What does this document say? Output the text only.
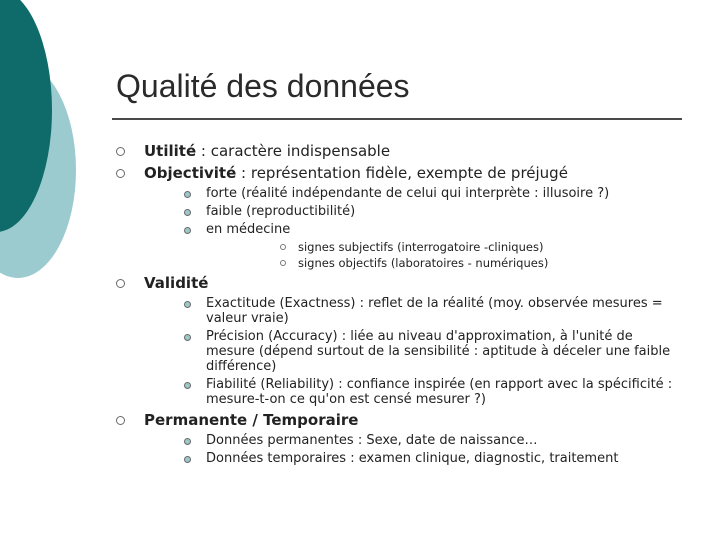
Qualité des données
Utilité : caractère indispensable
Objectivité : représentation fidèle, exempte de préjugé
forte (réalité indépendante de celui qui interprète : illusoire ?)
faible (reproductibilité)
en médecine
signes subjectifs (interrogatoire -cliniques)
signes objectifs (laboratoires - numériques)
Validité
Exactitude (Exactness) : reflet de la réalité (moy. observée mesures = valeur vraie)
Précision (Accuracy) : liée au niveau d'approximation, à l'unité de mesure (dépend surtout de la sensibilité : aptitude à déceler une faible différence)
Fiabilité (Reliability) : confiance inspirée (en rapport avec la spécificité : mesure-t-on ce qu'on est censé mesurer ?)
Permanente / Temporaire
Données permanentes : Sexe, date de naissance…
Données temporaires : examen clinique, diagnostic, traitement
